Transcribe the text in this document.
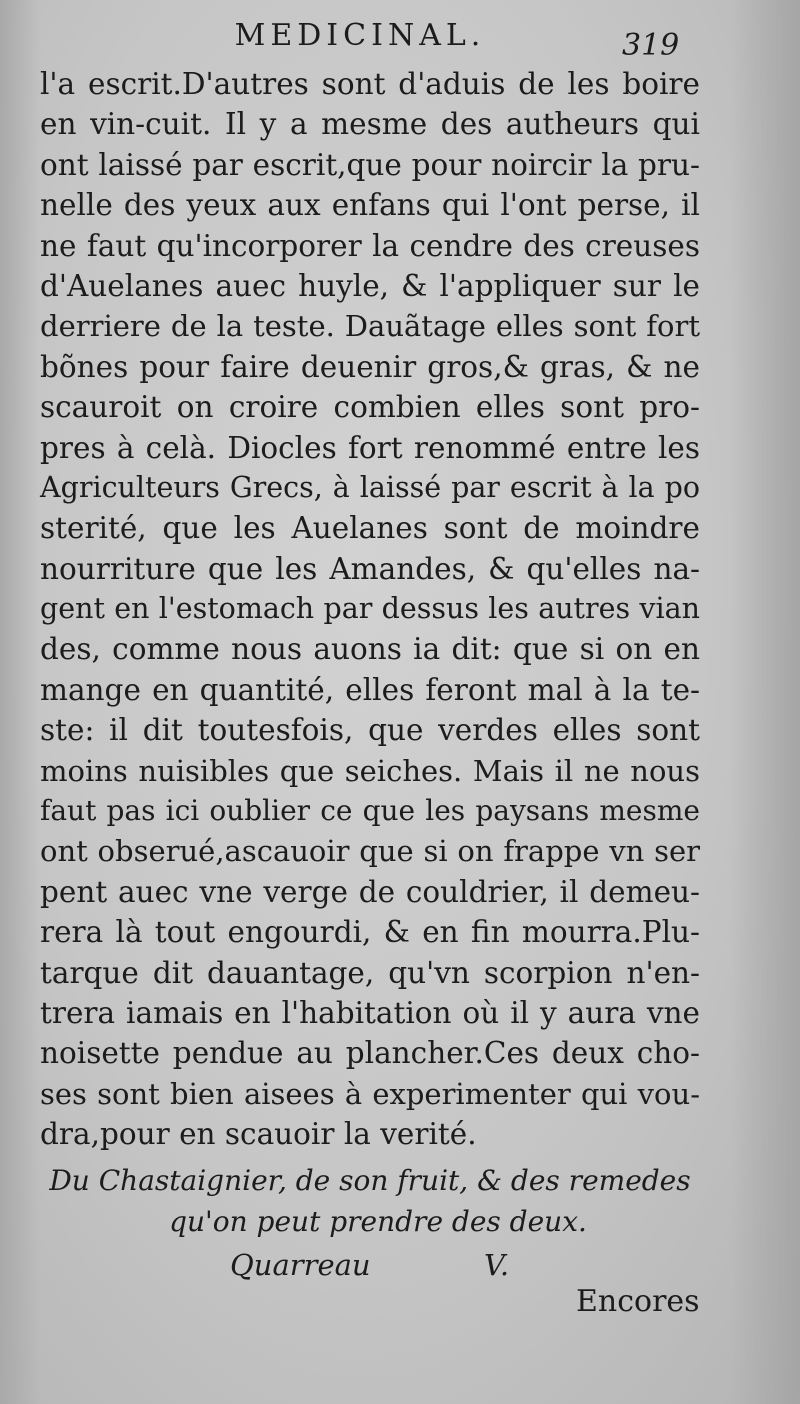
MEDICINAL.	319
l'a escrit.D'autres sont d'aduis de les boire
en vin-cuit. Il y a mesme des autheurs qui
ont laissé par escrit,que pour noircir la pru-
nelle des yeux aux enfans qui l'ont perse, il
ne faut qu'incorporer la cendre des creuses
d'Auelanes auec huyle, & l'appliquer sur le
derriere de la teste. Dauãtage elles sont fort
bõnes pour faire deuenir gros,& gras, & ne
scauroit on croire combien elles sont pro-
pres à celà. Diocles fort renommé entre les
Agriculteurs Grecs, à laissé par escrit à la po
sterité, que les Auelanes sont de moindre
nourriture que les Amandes, & qu'elles na-
gent en l'estomach par dessus les autres vian
des, comme nous auons ia dit: que si on en
mange en quantité, elles feront mal à la te-
ste: il dit toutesfois, que verdes elles sont
moins nuisibles que seiches. Mais il ne nous
faut pas ici oublier ce que les paysans mesme
ont obserué,ascauoir que si on frappe vn ser
pent auec vne verge de couldrier, il demeu-
rera là tout engourdi, & en fin mourra.Plu-
tarque dit dauantage, qu'vn scorpion n'en-
trera iamais en l'habitation où il y aura vne
noisette pendue au plancher.Ces deux cho-
ses sont bien aisees à experimenter qui vou-
dra,pour en scauoir la verité.
Du Chastaignier, de son fruit, & des remedes
qu'on peut prendre des deux.
Quarreau	V.
Encores
